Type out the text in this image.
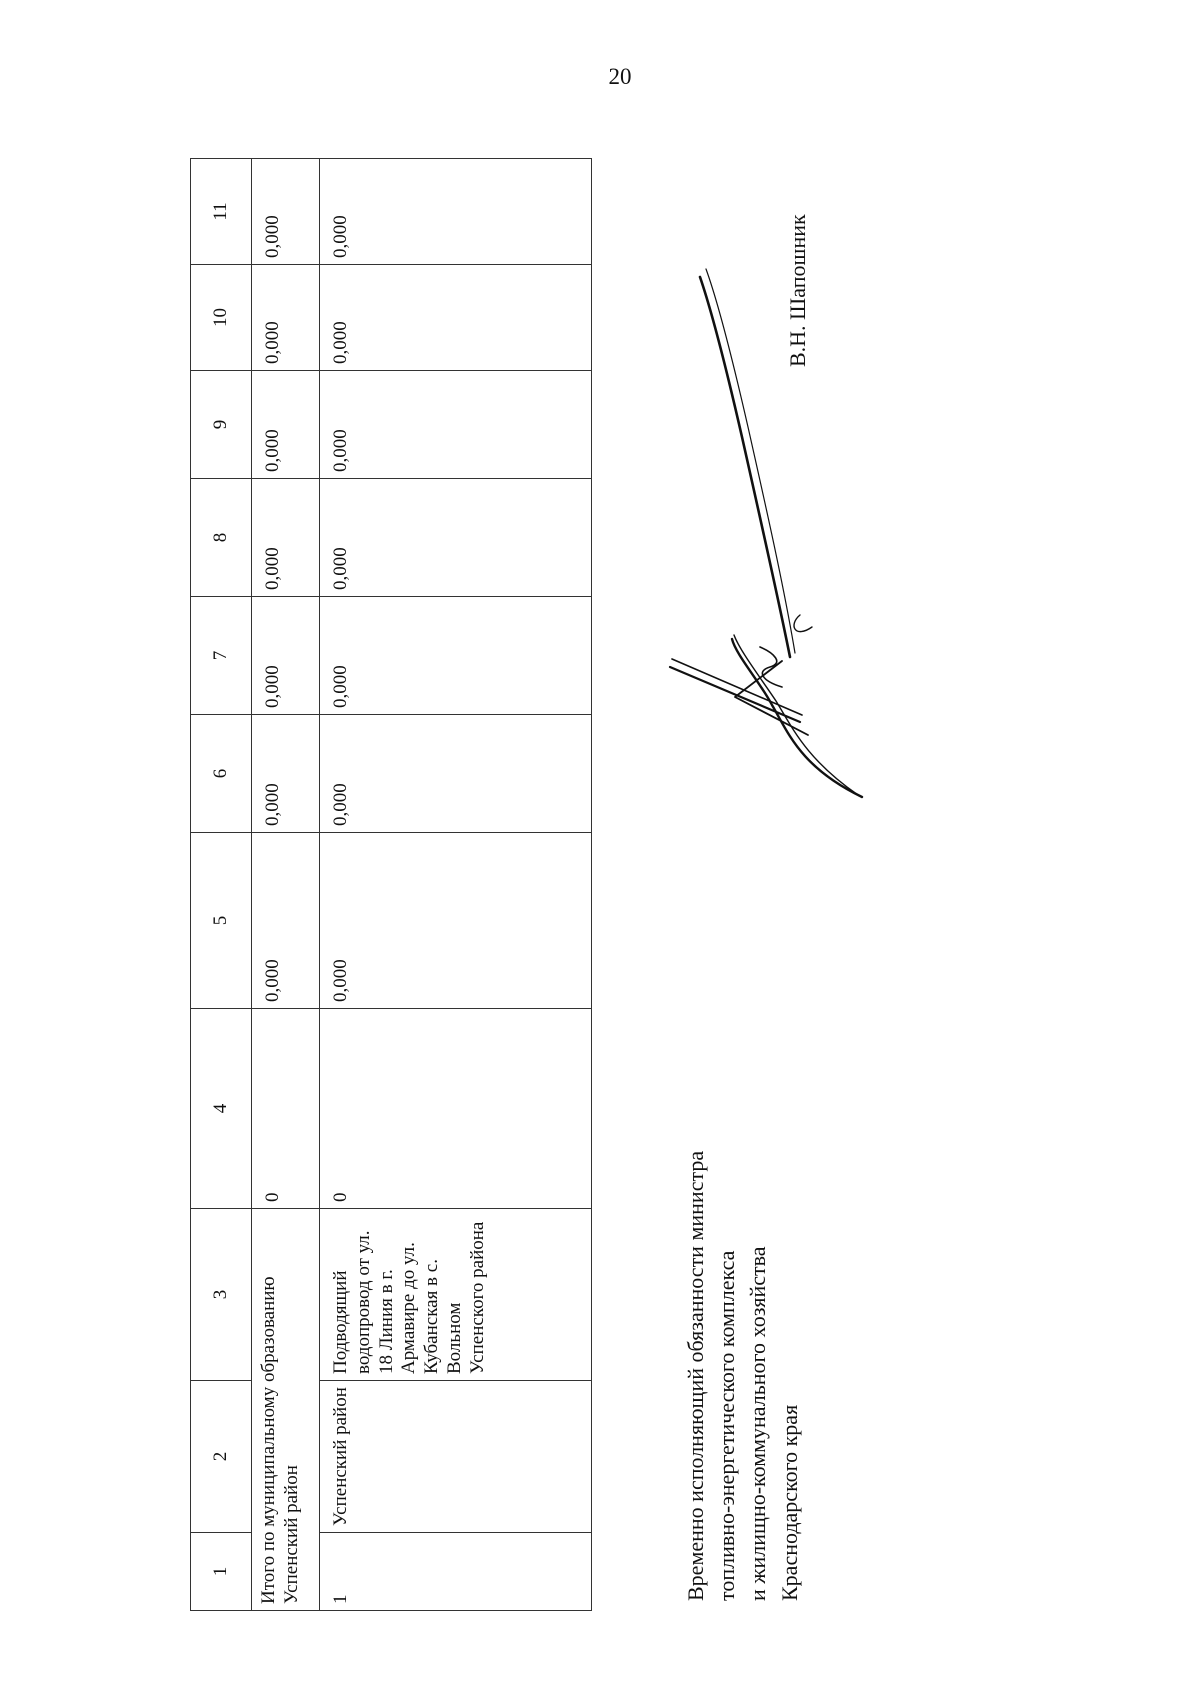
20
1	2	3	4	5	6	7	8	9	10	11
Итого по муниципальному образованию Успенский район			0	0,000	0,000	0,000	0,000	0,000	0,000	0,000
1	Успенский район	Подводящий водопровод от ул. 18 Линия в г. Армавире до ул. Кубанская в с. Вольном Успенского района	0	0,000	0,000	0,000	0,000	0,000	0,000	0,000
Временно исполняющий обязанности министра топливно-энергетического комплекса и жилищно-коммунального хозяйства Краснодарского края
В.Н. Шапошник
